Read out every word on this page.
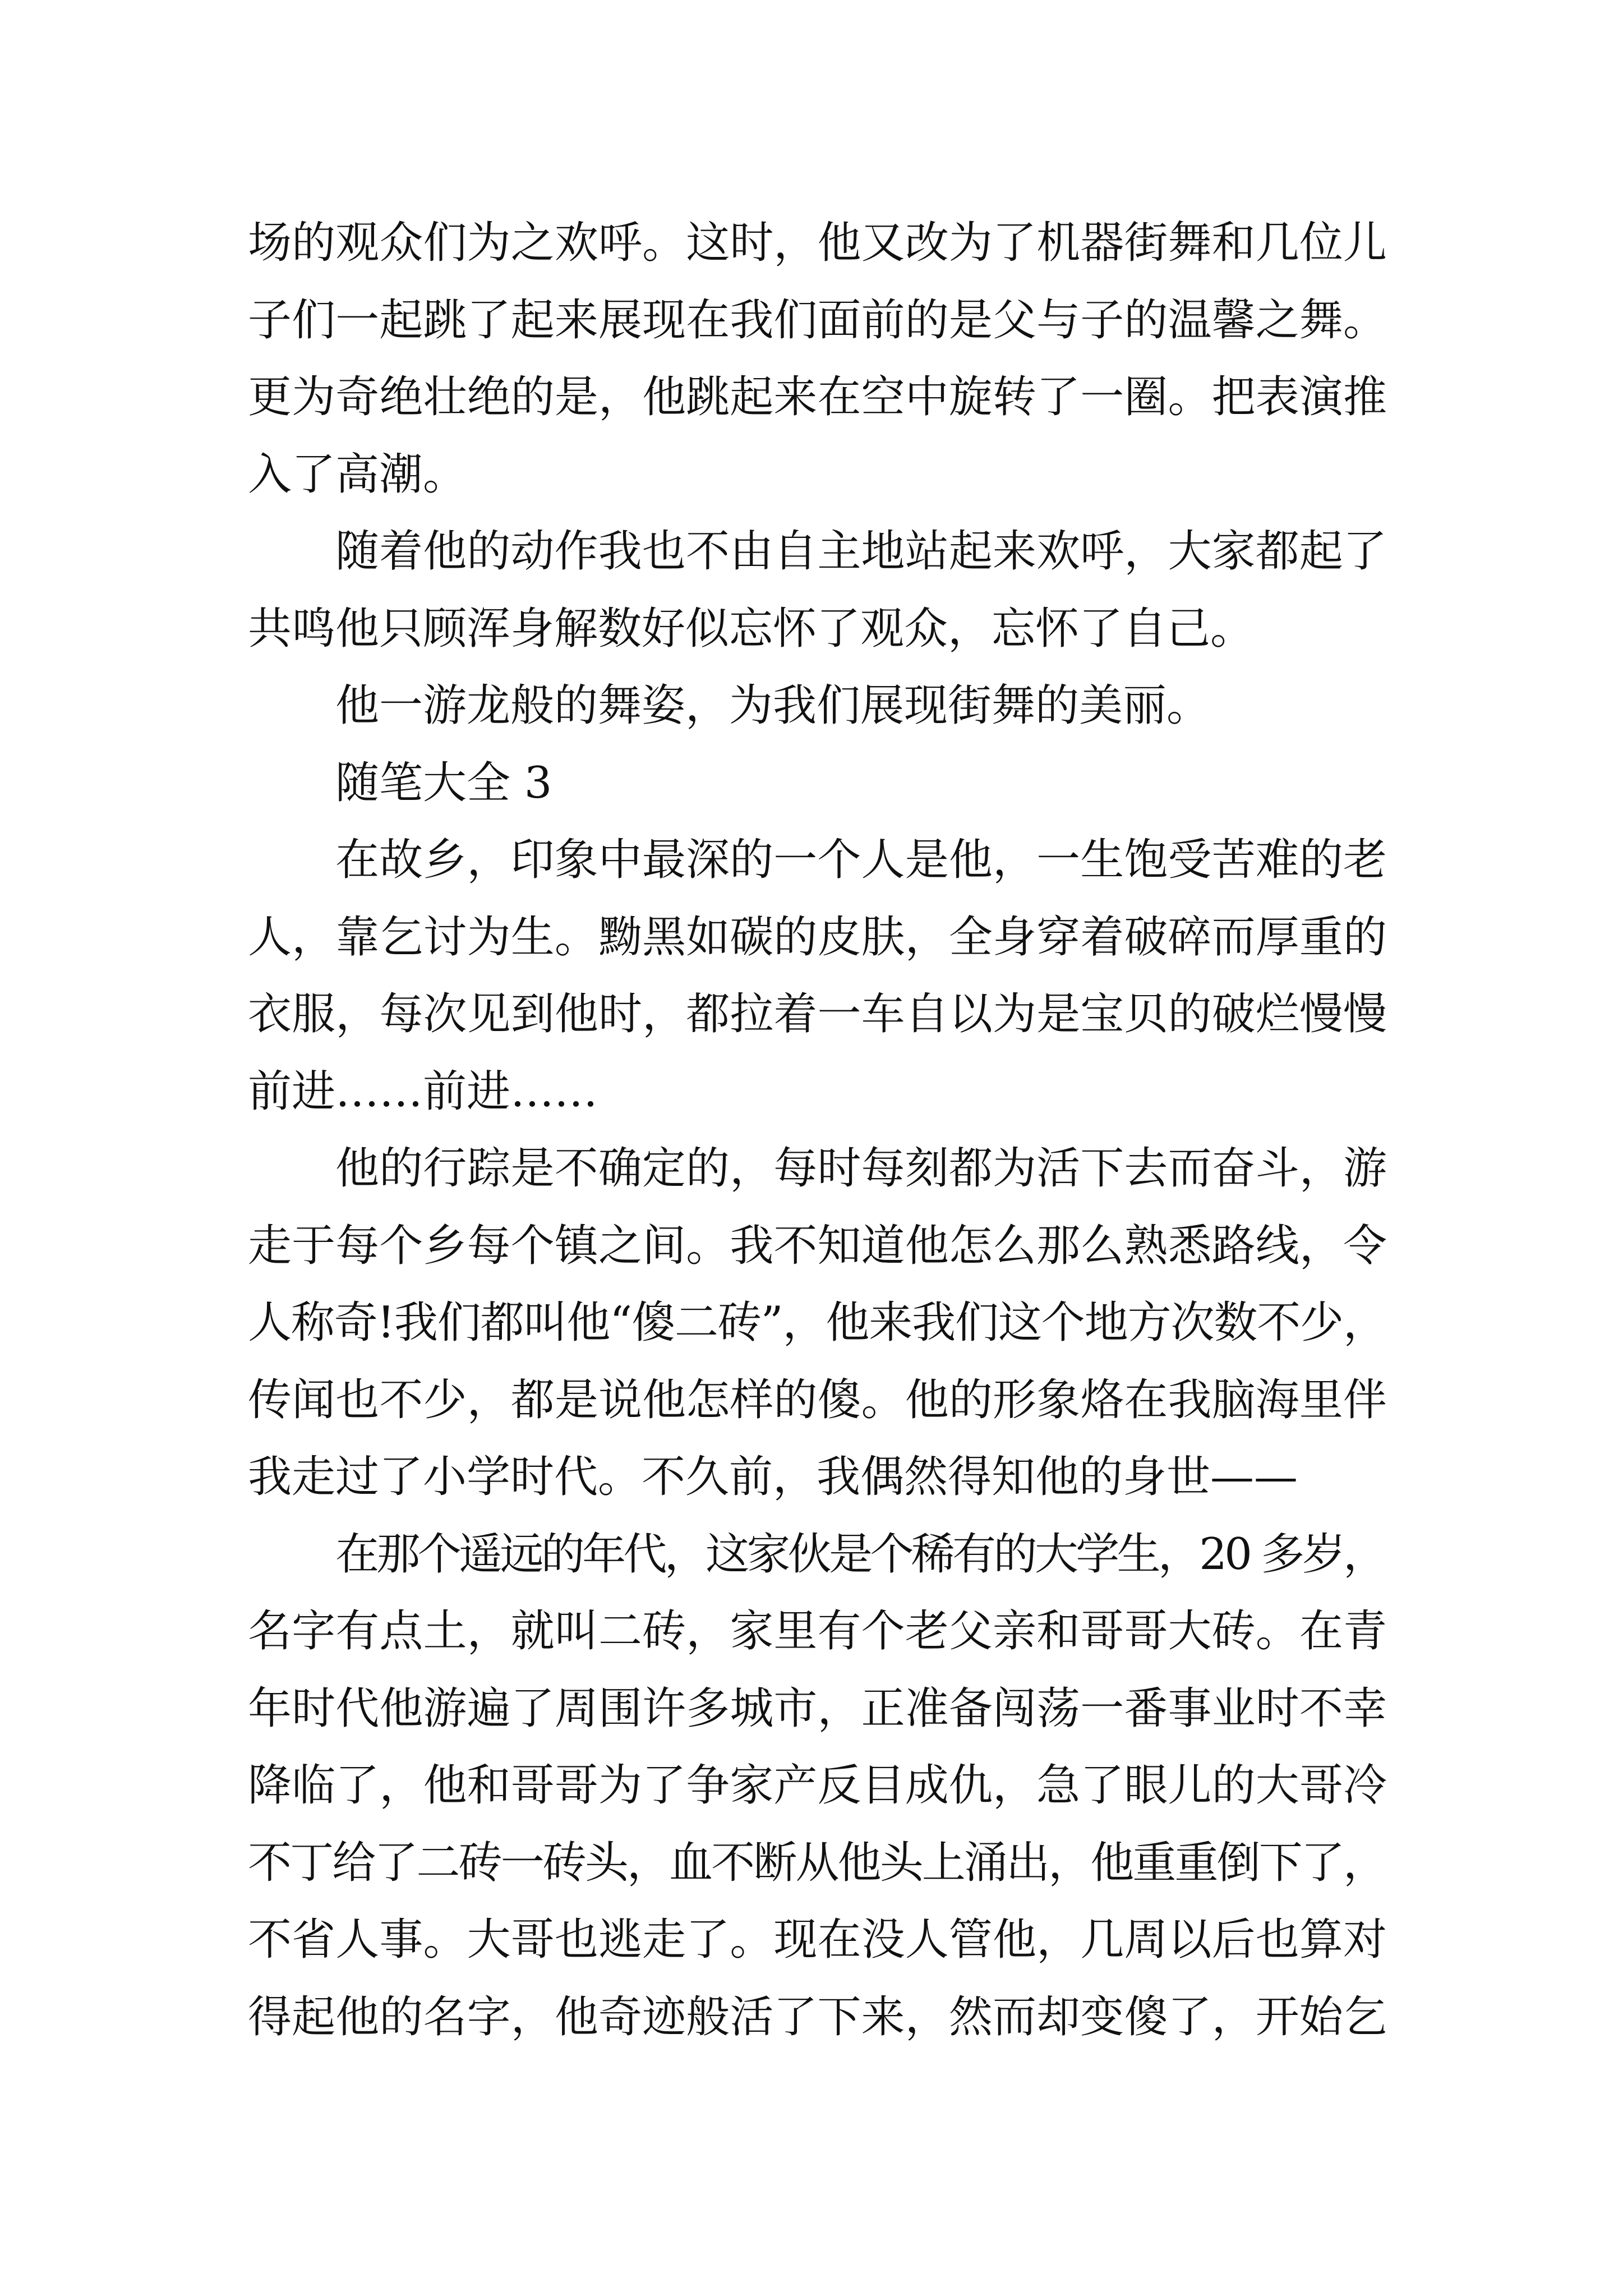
场的观众们为之欢呼。这时，他又改为了机器街舞和几位儿
子们一起跳了起来展现在我们面前的是父与子的温馨之舞。
更为奇绝壮绝的是，他跳起来在空中旋转了一圈。把表演推
入了高潮。
随着他的动作我也不由自主地站起来欢呼，大家都起了
共鸣他只顾浑身解数好似忘怀了观众，忘怀了自己。
他一游龙般的舞姿，为我们展现街舞的美丽。
随笔大全 3
在故乡，印象中最深的一个人是他，一生饱受苦难的老
人，靠乞讨为生。黝黑如碳的皮肤，全身穿着破碎而厚重的
衣服，每次见到他时，都拉着一车自以为是宝贝的破烂慢慢
前进……前进……
他的行踪是不确定的，每时每刻都为活下去而奋斗，游
走于每个乡每个镇之间。我不知道他怎么那么熟悉路线，令
人称奇!我们都叫他“傻二砖”，他来我们这个地方次数不少，
传闻也不少，都是说他怎样的傻。他的形象烙在我脑海里伴
我走过了小学时代。不久前，我偶然得知他的身世——
在那个遥远的年代，这家伙是个稀有的大学生，20 多岁，
名字有点土，就叫二砖，家里有个老父亲和哥哥大砖。在青
年时代他游遍了周围许多城市，正准备闯荡一番事业时不幸
降临了，他和哥哥为了争家产反目成仇，急了眼儿的大哥冷
不丁给了二砖一砖头，血不断从他头上涌出，他重重倒下了，
不省人事。大哥也逃走了。现在没人管他，几周以后也算对
得起他的名字，他奇迹般活了下来，然而却变傻了，开始乞
